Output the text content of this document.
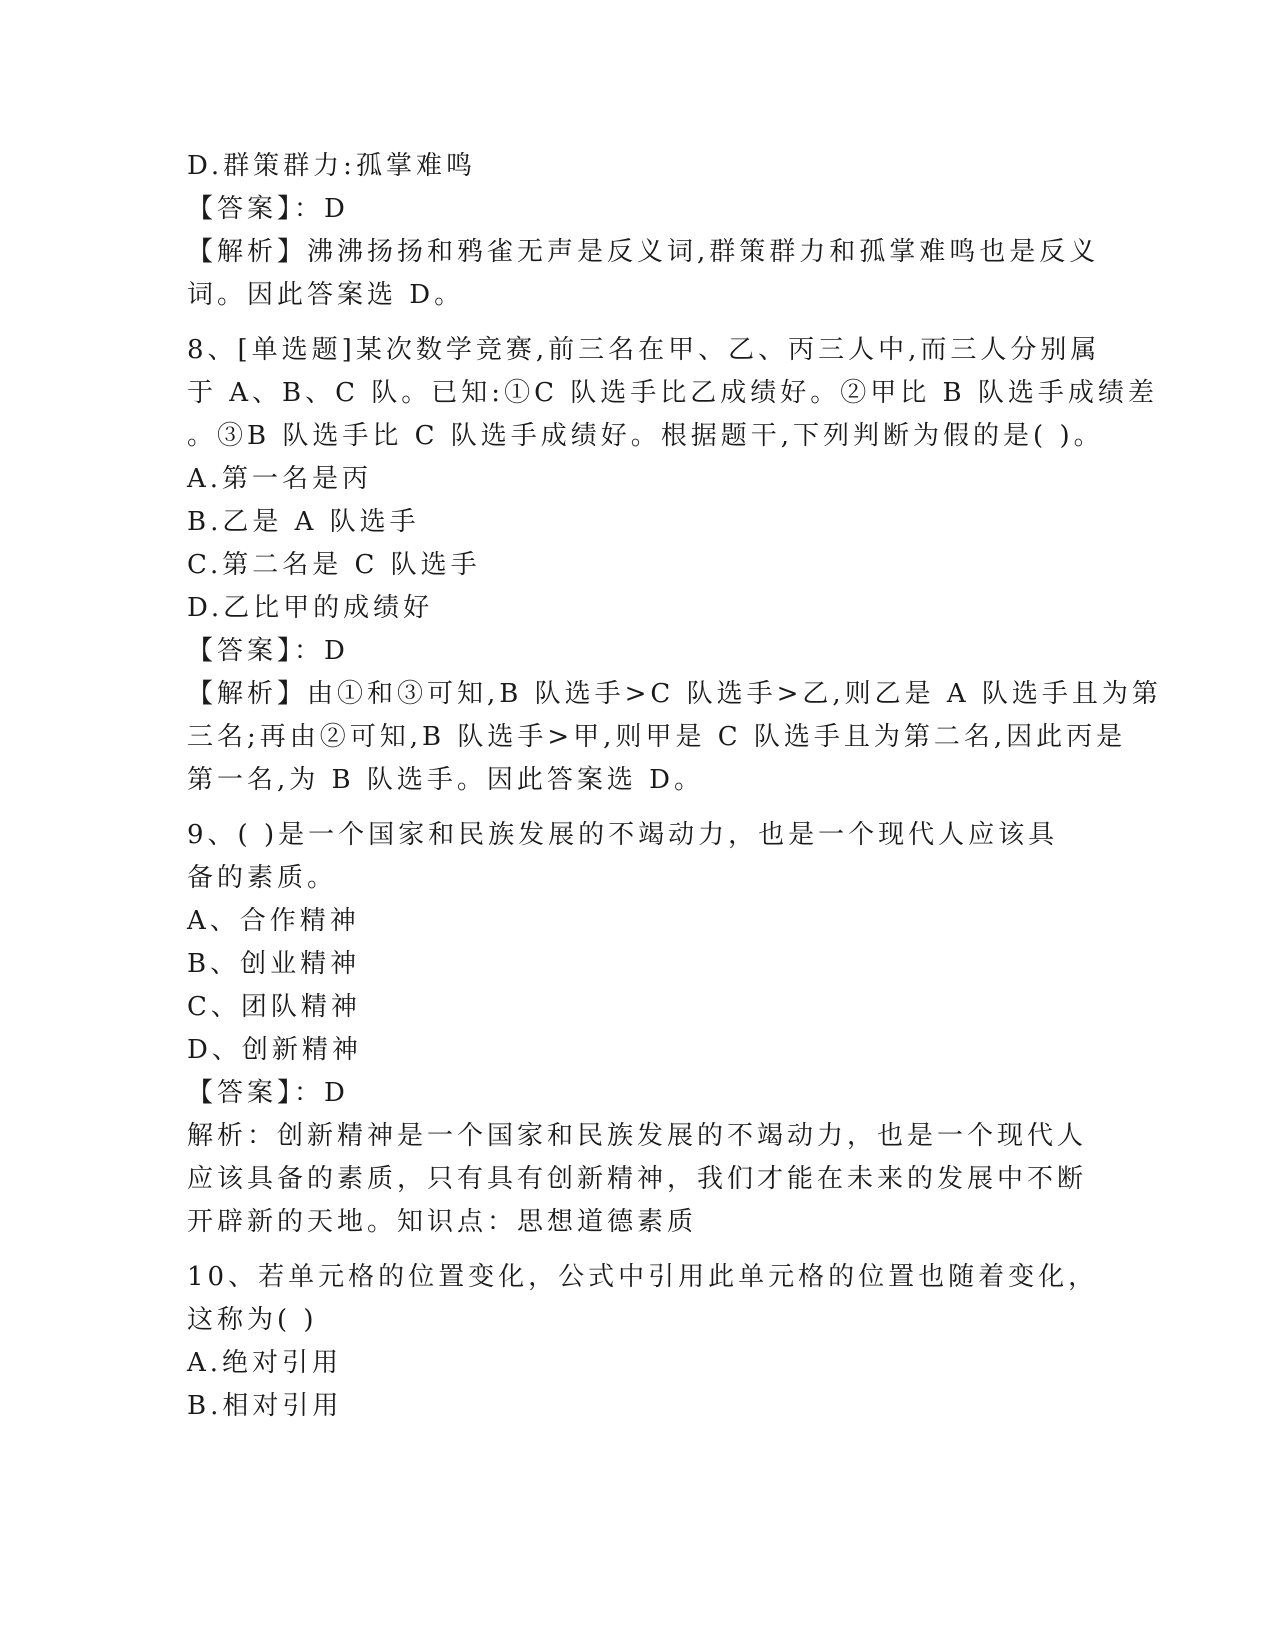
D.群策群力:孤掌难鸣
【答案】：D
【解析】沸沸扬扬和鸦雀无声是反义词,群策群力和孤掌难鸣也是反义
词。因此答案选 D。
8、[单选题]某次数学竞赛,前三名在甲、乙、丙三人中,而三人分别属
于 A、B、C 队。已知:①C 队选手比乙成绩好。②甲比 B 队选手成绩差
。③B 队选手比 C 队选手成绩好。根据题干,下列判断为假的是( )。
A.第一名是丙
B.乙是 A 队选手
C.第二名是 C 队选手
D.乙比甲的成绩好
【答案】：D
【解析】由①和③可知,B 队选手>C 队选手>乙,则乙是 A 队选手且为第
三名;再由②可知,B 队选手>甲,则甲是 C 队选手且为第二名,因此丙是
第一名,为 B 队选手。因此答案选 D。
9、( )是一个国家和民族发展的不竭动力，也是一个现代人应该具
备的素质。
A、合作精神
B、创业精神
C、团队精神
D、创新精神
【答案】：D
解析：创新精神是一个国家和民族发展的不竭动力，也是一个现代人
应该具备的素质，只有具有创新精神，我们才能在未来的发展中不断
开辟新的天地。知识点：思想道德素质
10、若单元格的位置变化，公式中引用此单元格的位置也随着变化，
这称为( )
A.绝对引用
B.相对引用
